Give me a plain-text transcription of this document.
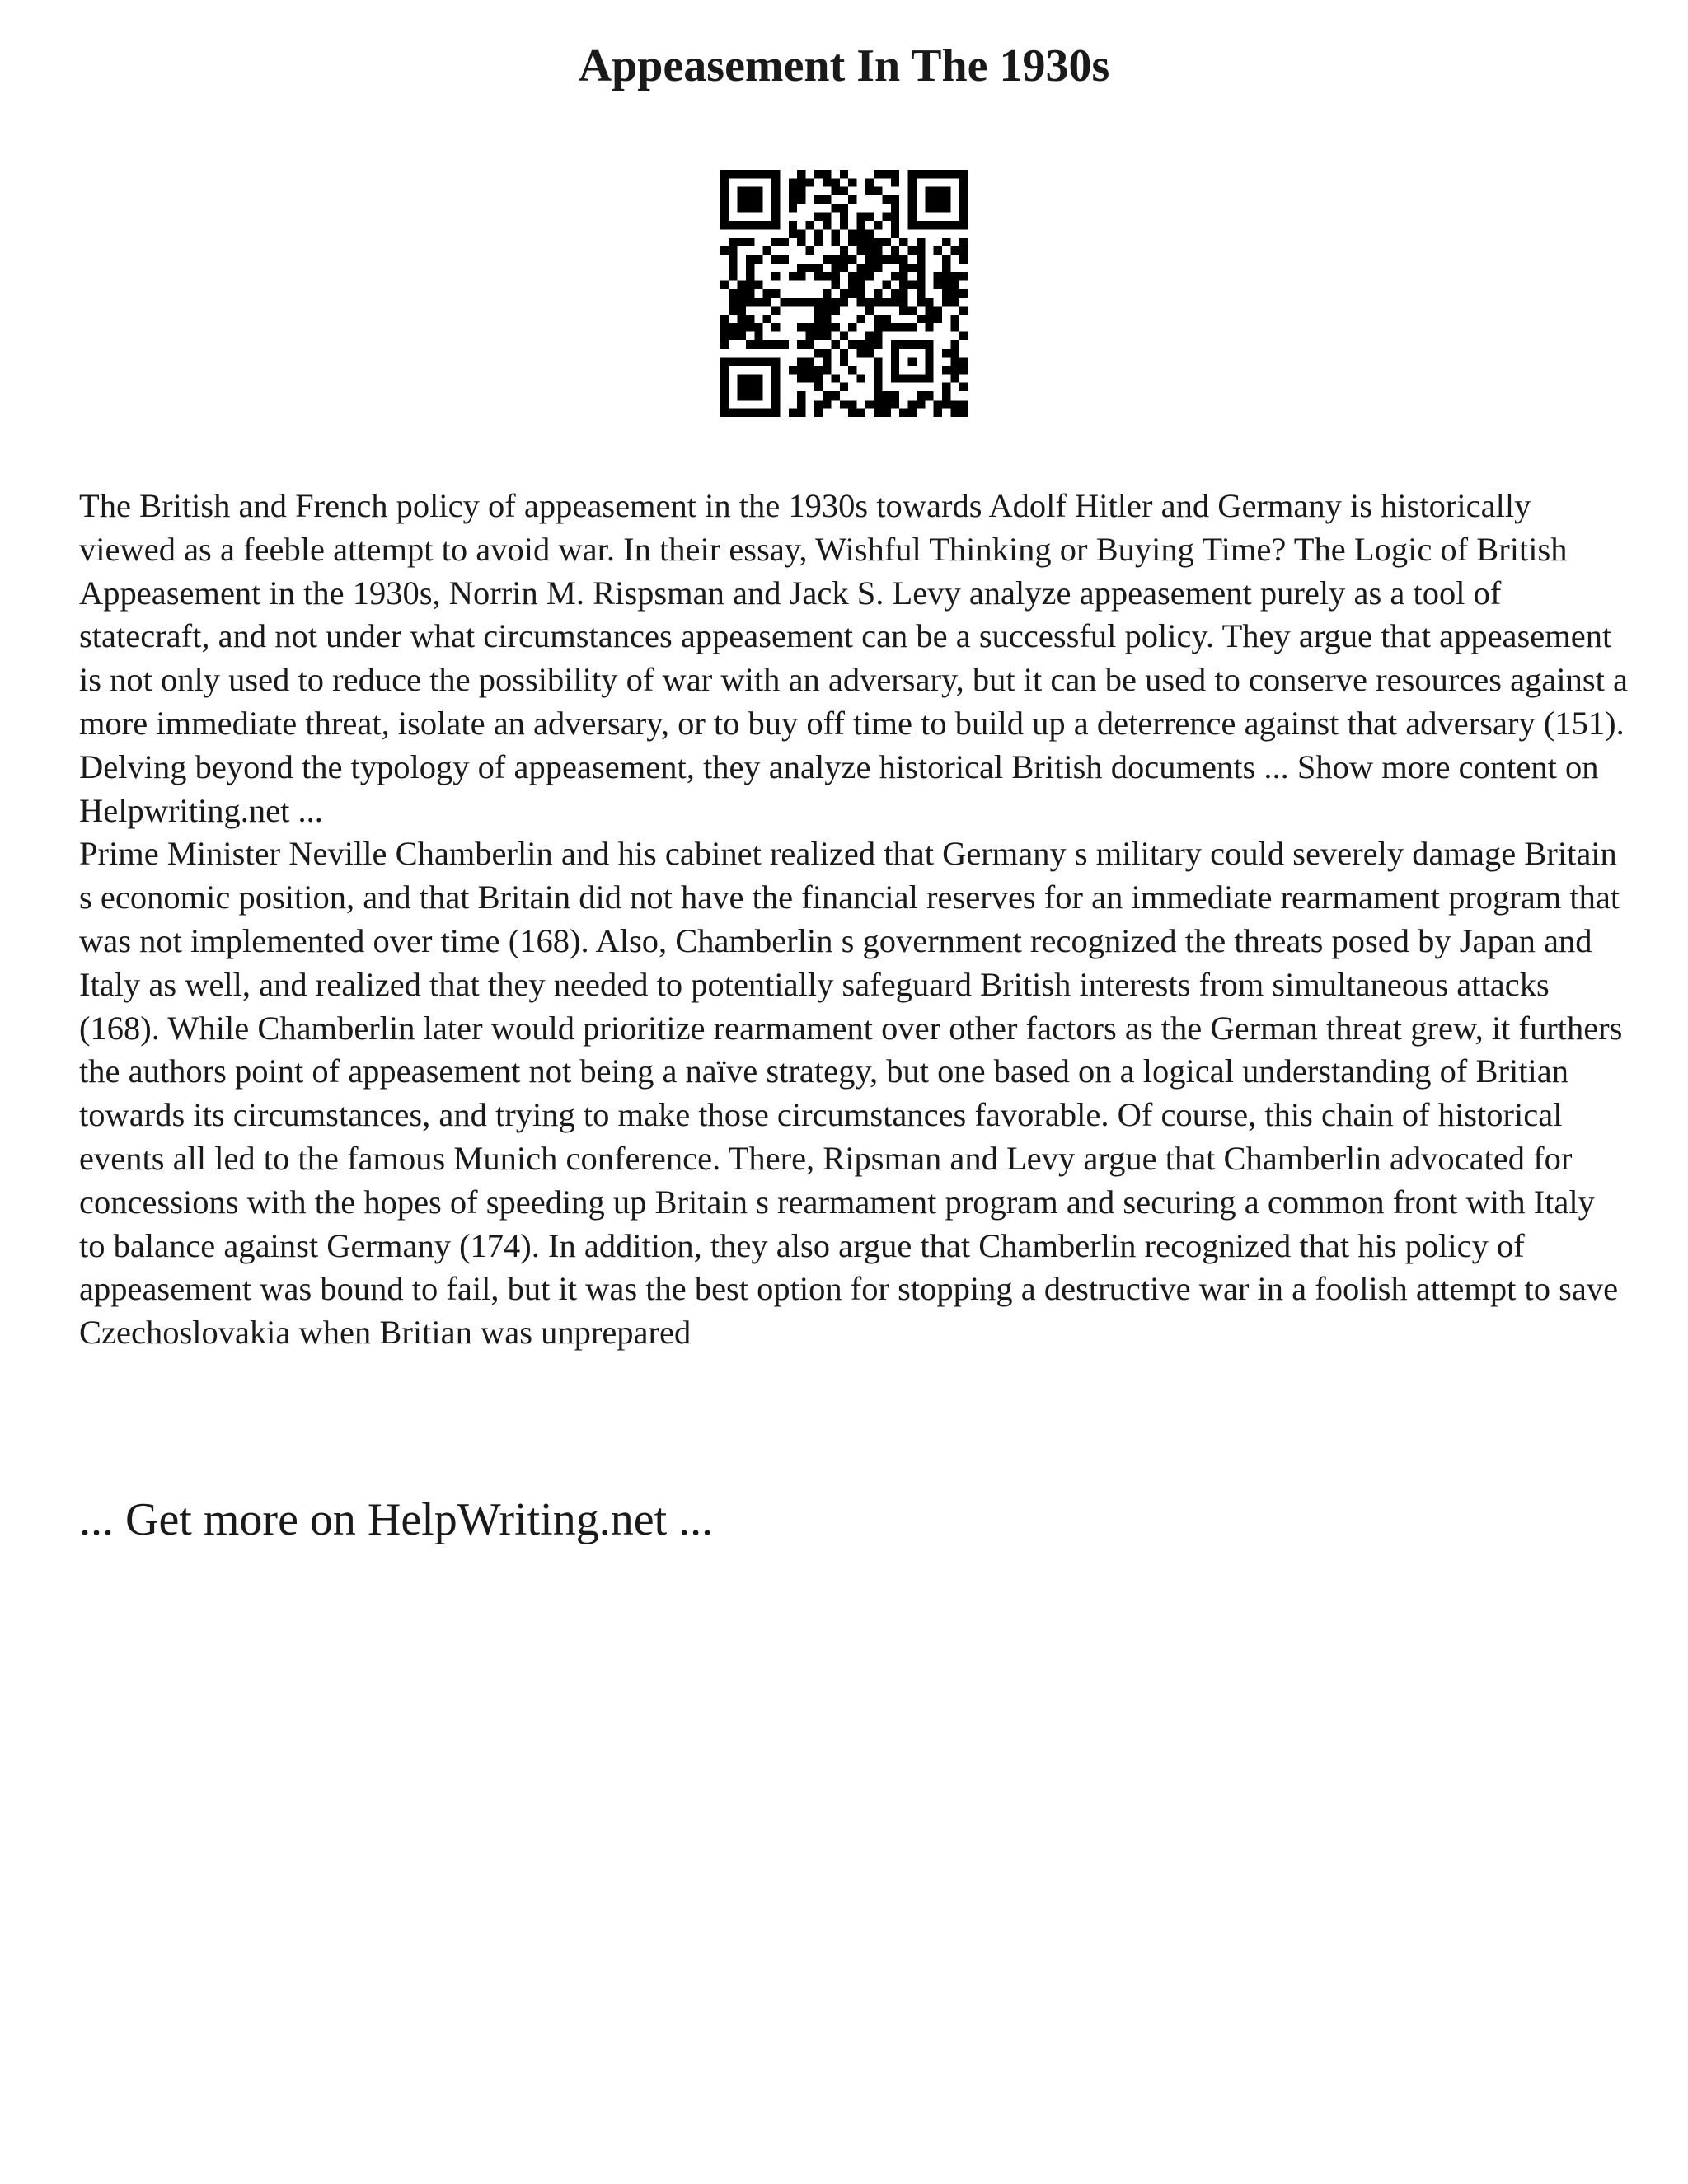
Appeasement In The 1930s

The British and French policy of appeasement in the 1930s towards Adolf Hitler and Germany is historically viewed as a feeble attempt to avoid war. In their essay, Wishful Thinking or Buying Time? The Logic of British Appeasement in the 1930s, Norrin M. Rispsman and Jack S. Levy analyze appeasement purely as a tool of statecraft, and not under what circumstances appeasement can be a successful policy. They argue that appeasement is not only used to reduce the possibility of war with an adversary, but it can be used to conserve resources against a more immediate threat, isolate an adversary, or to buy off time to build up a deterrence against that adversary (151). Delving beyond the typology of appeasement, they analyze historical British documents ... Show more content on Helpwriting.net ...

Prime Minister Neville Chamberlin and his cabinet realized that Germany s military could severely damage Britain s economic position, and that Britain did not have the financial reserves for an immediate rearmament program that was not implemented over time (168). Also, Chamberlin s government recognized the threats posed by Japan and Italy as well, and realized that they needed to potentially safeguard British interests from simultaneous attacks (168). While Chamberlin later would prioritize rearmament over other factors as the German threat grew, it furthers the authors point of appeasement not being a naïve strategy, but one based on a logical understanding of Britian towards its circumstances, and trying to make those circumstances favorable. Of course, this chain of historical events all led to the famous Munich conference. There, Ripsman and Levy argue that Chamberlin advocated for concessions with the hopes of speeding up Britain s rearmament program and securing a common front with Italy to balance against Germany (174). In addition, they also argue that Chamberlin recognized that his policy of appeasement was bound to fail, but it was the best option for stopping a destructive war in a foolish attempt to save Czechoslovakia when Britian was unprepared

... Get more on HelpWriting.net ...
